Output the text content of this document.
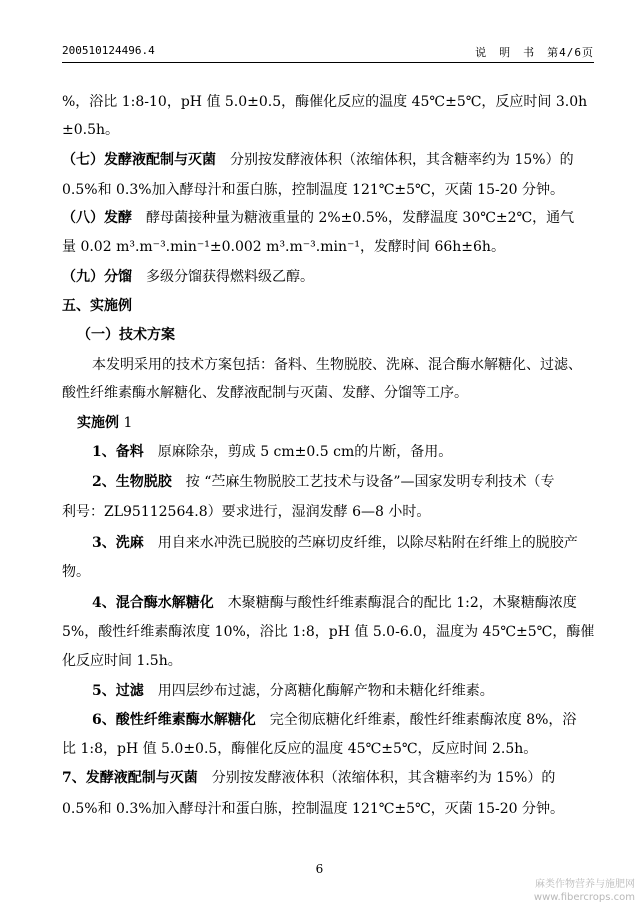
200510124496.4	说　明　书　第4/6页
%，浴比 1:8-10，pH 值 5.0±0.5，酶催化反应的温度 45℃±5℃，反应时间 3.0h
±0.5h。
（七）发酵液配制与灭菌　分别按发酵液体积（浓缩体积，其含糖率约为 15%）的
0.5%和 0.3%加入酵母汁和蛋白胨，控制温度 121℃±5℃，灭菌 15-20 分钟。
（八）发酵　酵母菌接种量为糖液重量的 2%±0.5%，发酵温度 30℃±2℃，通气
量 0.02 m³.m⁻³.min⁻¹±0.002 m³.m⁻³.min⁻¹，发酵时间 66h±6h。
（九）分馏　多级分馏获得燃料级乙醇。
五、实施例
（一）技术方案
本发明采用的技术方案包括：备料、生物脱胶、洗麻、混合酶水解糖化、过滤、
酸性纤维素酶水解糖化、发酵液配制与灭菌、发酵、分馏等工序。
实施例 1
1、备料　原麻除杂，剪成 5 cm±0.5 cm的片断，备用。
2、生物脱胶　按 “苎麻生物脱胶工艺技术与设备”—国家发明专利技术（专
利号：ZL95112564.8）要求进行，湿润发酵 6—8 小时。
3、洗麻　用自来水冲洗已脱胶的苎麻切皮纤维，以除尽粘附在纤维上的脱胶产
物。
4、混合酶水解糖化　木聚糖酶与酸性纤维素酶混合的配比 1:2，木聚糖酶浓度
5%，酸性纤维素酶浓度 10%，浴比 1:8，pH 值 5.0-6.0，温度为 45℃±5℃，酶催
化反应时间 1.5h。
5、过滤　用四层纱布过滤，分离糖化酶解产物和未糖化纤维素。
6、酸性纤维素酶水解糖化　完全彻底糖化纤维素，酸性纤维素酶浓度 8%，浴
比 1:8，pH 值 5.0±0.5，酶催化反应的温度 45℃±5℃，反应时间 2.5h。
7、发酵液配制与灭菌　分别按发酵液体积（浓缩体积，其含糖率约为 15%）的
0.5%和 0.3%加入酵母汁和蛋白胨，控制温度 121℃±5℃，灭菌 15-20 分钟。
6
麻类作物营养与施肥网
www.fibercrops.com
